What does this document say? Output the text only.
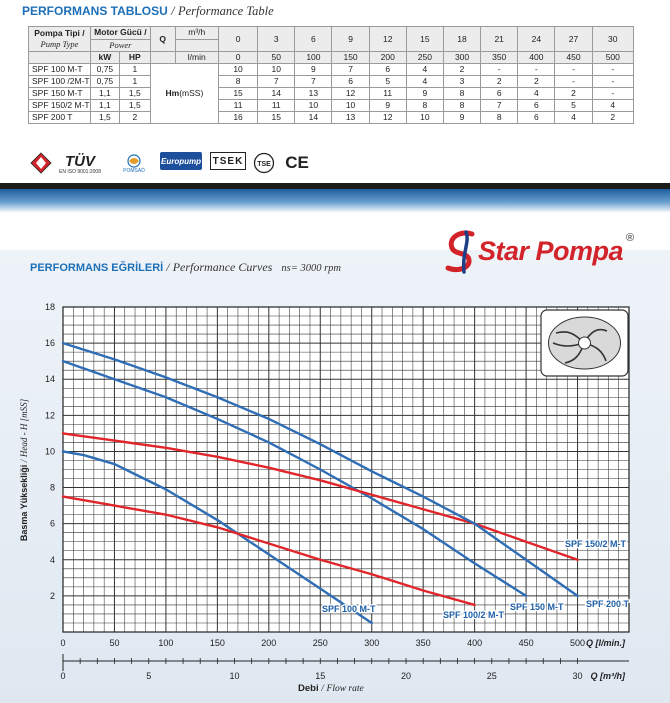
PERFORMANS TABLOSU / Performance Table
Pompa Tipi /
Pump Type	Motor Gücü /		Q	m³/h	0	3	6	9	12	15	18	21	24	27	30
	Power														
	kW	HP		l/min	0	50	100	150	200	250	300	350	400	450	500
SPF 100 M-T	0,75	1	Hm(mSS)		10	10	9	7	6	4	2	-	-	-	-
SPF 100 /2M-T	0,75	1			8	7	7	6	5	4	3	2	2	-	-
SPF 150 M-T	1,1	1,5			15	14	13	12	11	9	8	6	4	2	-
SPF 150/2 M-T	1,1	1,5			11	11	10	10	9	8	8	7	6	5	4
SPF 200 T	1,5	2			16	15	14	13	12	10	9	8	6	4	2
TÜV
EN ISO 9001:2008	POMSAD
Europump TSEK	TSE CE
Star Pompa ®
PERFORMANS EĞRİLERİ / Performance Curves ns= 3000 rpm
2
4
6
8
10
12
14
16
18
0	50	100	150	200	250	300	350	400	450	500 Q [l/min.]
0	5	10	15	20	25	30 Q [m³/h]
SPF 100 M-T
SPF 100/2 M-T
SPF 150 M-T
SPF 150/2 M-T
SPF 200 T
Basma Yüksekliği / Head - H [mSS]
Debi / Flow rate
